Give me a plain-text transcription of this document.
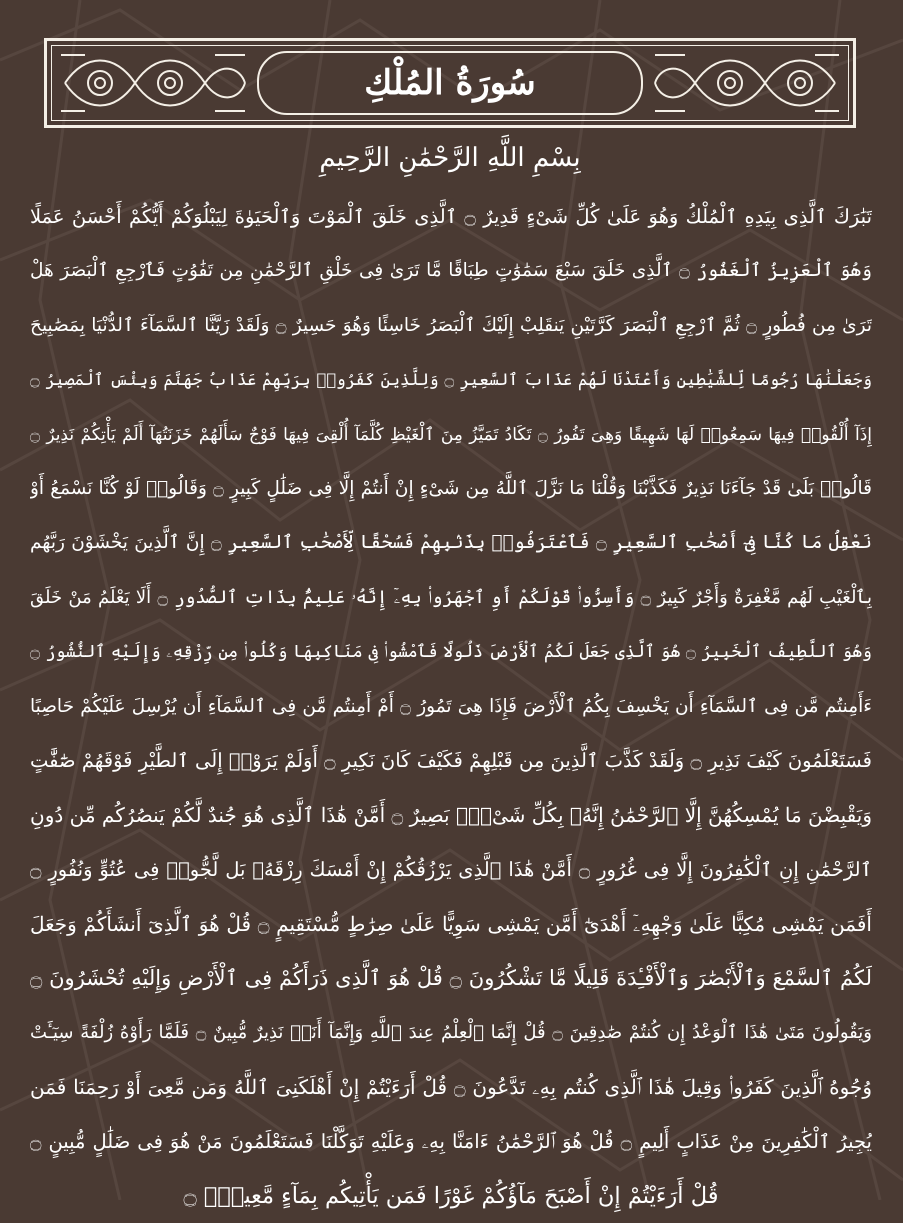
سُورَةُ المُلْكِ
بِسْمِ اللَّهِ الرَّحْمَٰنِ الرَّحِيمِ
تَبَٰرَكَ ٱلَّذِى بِيَدِهِ ٱلْمُلْكُ وَهُوَ عَلَىٰ كُلِّ شَىْءٍ قَدِيرٌ ۝ ٱلَّذِى خَلَقَ ٱلْمَوْتَ وَٱلْحَيَوٰةَ لِيَبْلُوَكُمْ أَيُّكُمْ أَحْسَنُ عَمَلًا
وَهُوَ ٱلْعَزِيزُ ٱلْغَفُورُ ۝ ٱلَّذِى خَلَقَ سَبْعَ سَمَٰوَٰتٍ طِبَاقًا مَّا تَرَىٰ فِى خَلْقِ ٱلرَّحْمَٰنِ مِن تَفَٰوُتٍ فَٱرْجِعِ ٱلْبَصَرَ هَلْ
تَرَىٰ مِن فُطُورٍ ۝ ثُمَّ ٱرْجِعِ ٱلْبَصَرَ كَرَّتَيْنِ يَنقَلِبْ إِلَيْكَ ٱلْبَصَرُ خَاسِئًا وَهُوَ حَسِيرٌ ۝ وَلَقَدْ زَيَّنَّا ٱلسَّمَآءَ ٱلدُّنْيَا بِمَصَٰبِيحَ
وَجَعَلْنَٰهَا رُجُومًا لِّلشَّيَٰطِينِ وَأَعْتَدْنَا لَهُمْ عَذَابَ ٱلسَّعِيرِ ۝ وَلِلَّذِينَ كَفَرُوا۟ بِرَبِّهِمْ عَذَابُ جَهَنَّمَ وَبِئْسَ ٱلْمَصِيرُ ۝
إِذَآ أُلْقُوا۟ فِيهَا سَمِعُوا۟ لَهَا شَهِيقًا وَهِىَ تَفُورُ ۝ تَكَادُ تَمَيَّزُ مِنَ ٱلْغَيْظِ كُلَّمَآ أُلْقِىَ فِيهَا فَوْجٌ سَأَلَهُمْ خَزَنَتُهَآ أَلَمْ يَأْتِكُمْ نَذِيرٌ ۝
قَالُوا۟ بَلَىٰ قَدْ جَآءَنَا نَذِيرٌ فَكَذَّبْنَا وَقُلْنَا مَا نَزَّلَ ٱللَّهُ مِن شَىْءٍ إِنْ أَنتُمْ إِلَّا فِى ضَلَٰلٍ كَبِيرٍ ۝ وَقَالُوا۟ لَوْ كُنَّا نَسْمَعُ أَوْ
نَعْقِلُ مَا كُنَّا فِىٓ أَصْحَٰبِ ٱلسَّعِيرِ ۝ فَٱعْتَرَفُوا۟ بِذَنۢبِهِمْ فَسُحْقًا لِّأَصْحَٰبِ ٱلسَّعِيرِ ۝ إِنَّ ٱلَّذِينَ يَخْشَوْنَ رَبَّهُم
بِٱلْغَيْبِ لَهُم مَّغْفِرَةٌ وَأَجْرٌ كَبِيرٌ ۝ وَأَسِرُّوا۟ قَوْلَكُمْ أَوِ ٱجْهَرُوا۟ بِهِۦٓ إِنَّهُۥ عَلِيمٌۢ بِذَاتِ ٱلصُّدُورِ ۝ أَلَا يَعْلَمُ مَنْ خَلَقَ
وَهُوَ ٱللَّطِيفُ ٱلْخَبِيرُ ۝ هُوَ ٱلَّذِى جَعَلَ لَكُمُ ٱلْأَرْضَ ذَلُولًا فَٱمْشُوا۟ فِى مَنَاكِبِهَا وَكُلُوا۟ مِن رِّزْقِهِۦ وَإِلَيْهِ ٱلنُّشُورُ ۝
ءَأَمِنتُم مَّن فِى ٱلسَّمَآءِ أَن يَخْسِفَ بِكُمُ ٱلْأَرْضَ فَإِذَا هِىَ تَمُورُ ۝ أَمْ أَمِنتُم مَّن فِى ٱلسَّمَآءِ أَن يُرْسِلَ عَلَيْكُمْ حَاصِبًا
فَسَتَعْلَمُونَ كَيْفَ نَذِيرِ ۝ وَلَقَدْ كَذَّبَ ٱلَّذِينَ مِن قَبْلِهِمْ فَكَيْفَ كَانَ نَكِيرِ ۝ أَوَلَمْ يَرَوْا۟ إِلَى ٱلطَّيْرِ فَوْقَهُمْ صَٰٓفَّٰتٍ
وَيَقْبِضْنَ مَا يُمْسِكُهُنَّ إِلَّا ٱلرَّحْمَٰنُ إِنَّهُۥ بِكُلِّ شَىْءٍۭ بَصِيرٌ ۝ أَمَّنْ هَٰذَا ٱلَّذِى هُوَ جُندٌ لَّكُمْ يَنصُرُكُم مِّن دُونِ
ٱلرَّحْمَٰنِ إِنِ ٱلْكَٰفِرُونَ إِلَّا فِى غُرُورٍ ۝ أَمَّنْ هَٰذَا ٱلَّذِى يَرْزُقُكُمْ إِنْ أَمْسَكَ رِزْقَهُۥ بَل لَّجُّوا۟ فِى عُتُوٍّ وَنُفُورٍ ۝
أَفَمَن يَمْشِى مُكِبًّا عَلَىٰ وَجْهِهِۦٓ أَهْدَىٰٓ أَمَّن يَمْشِى سَوِيًّا عَلَىٰ صِرَٰطٍ مُّسْتَقِيمٍ ۝ قُلْ هُوَ ٱلَّذِىٓ أَنشَأَكُمْ وَجَعَلَ
لَكُمُ ٱلسَّمْعَ وَٱلْأَبْصَٰرَ وَٱلْأَفْـِٔدَةَ قَلِيلًا مَّا تَشْكُرُونَ ۝ قُلْ هُوَ ٱلَّذِى ذَرَأَكُمْ فِى ٱلْأَرْضِ وَإِلَيْهِ تُحْشَرُونَ ۝
وَيَقُولُونَ مَتَىٰ هَٰذَا ٱلْوَعْدُ إِن كُنتُمْ صَٰدِقِينَ ۝ قُلْ إِنَّمَا ٱلْعِلْمُ عِندَ ٱللَّهِ وَإِنَّمَآ أَنَا۠ نَذِيرٌ مُّبِينٌ ۝ فَلَمَّا رَأَوْهُ زُلْفَةً سِيٓـَٔتْ
وُجُوهُ ٱلَّذِينَ كَفَرُوا۟ وَقِيلَ هَٰذَا ٱلَّذِى كُنتُم بِهِۦ تَدَّعُونَ ۝ قُلْ أَرَءَيْتُمْ إِنْ أَهْلَكَنِىَ ٱللَّهُ وَمَن مَّعِىَ أَوْ رَحِمَنَا فَمَن
يُجِيرُ ٱلْكَٰفِرِينَ مِنْ عَذَابٍ أَلِيمٍ ۝ قُلْ هُوَ ٱلرَّحْمَٰنُ ءَامَنَّا بِهِۦ وَعَلَيْهِ تَوَكَّلْنَا فَسَتَعْلَمُونَ مَنْ هُوَ فِى ضَلَٰلٍ مُّبِينٍ ۝
قُلْ أَرَءَيْتُمْ إِنْ أَصْبَحَ مَآؤُكُمْ غَوْرًا فَمَن يَأْتِيكُم بِمَآءٍ مَّعِينٍۭ ۝
